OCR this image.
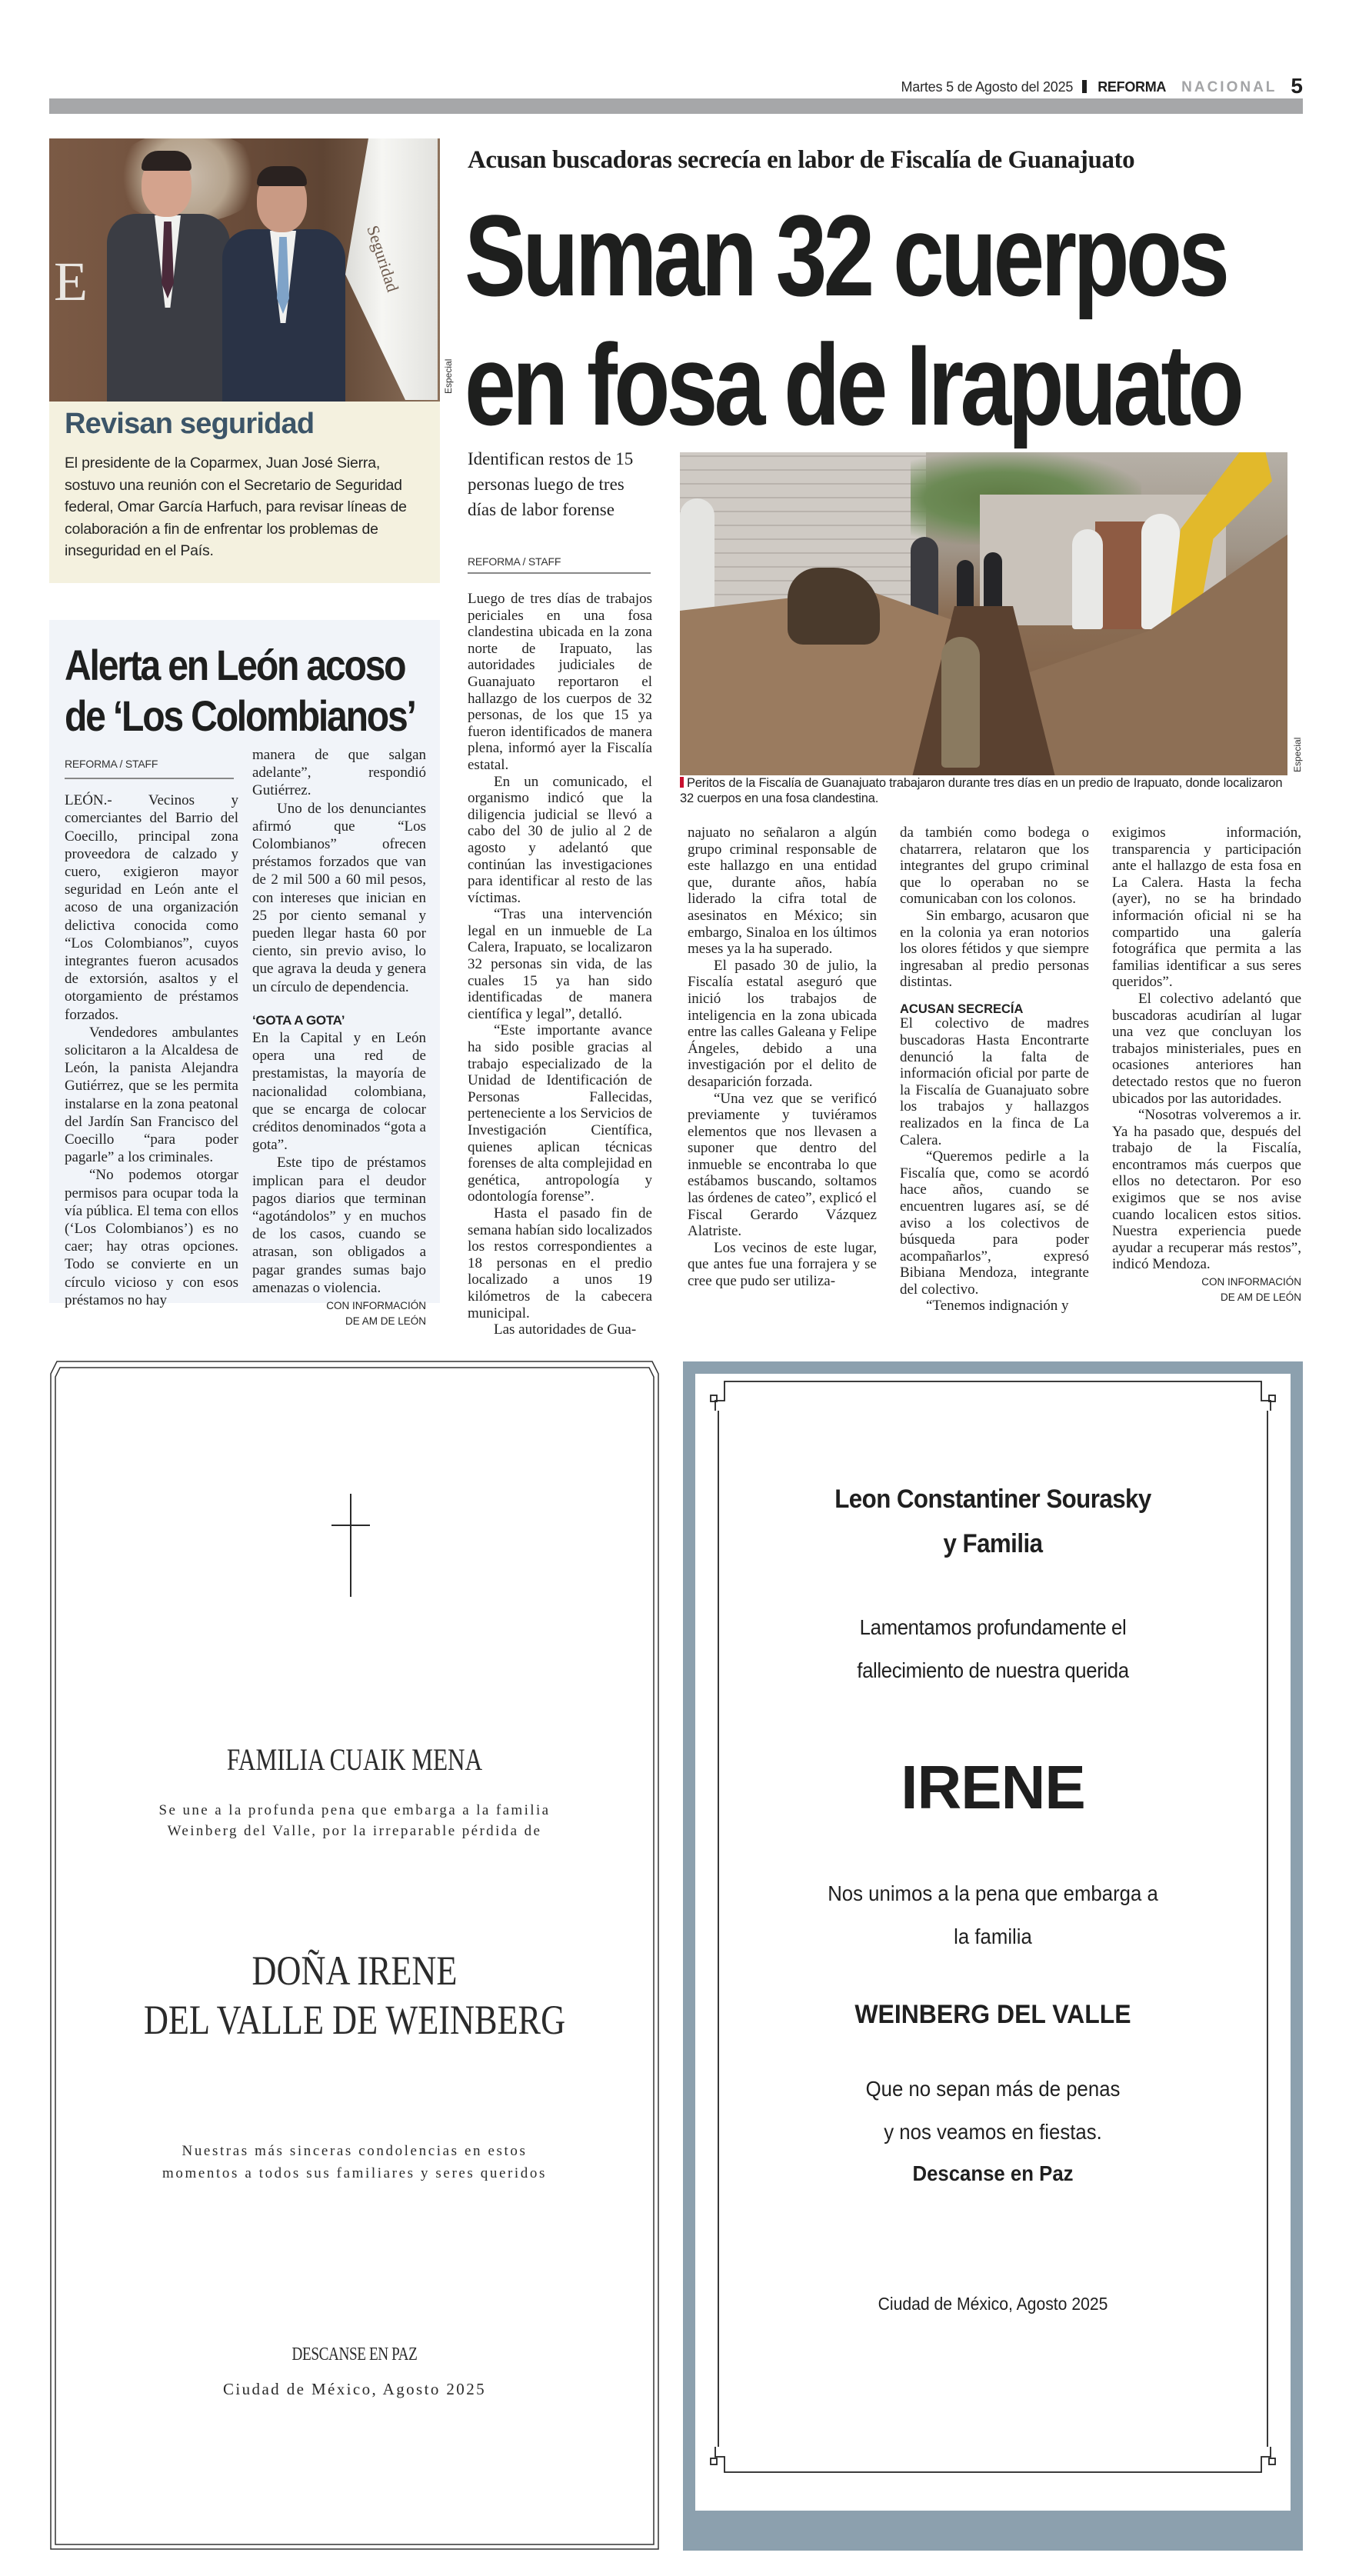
Martes 5 de Agosto del 2025 REFORMA NACIONAL 5
E	Seguridad
Especial
Revisan seguridad
El presidente de la Coparmex, Juan José Sierra, sostuvo una reunión con el Secretario de Seguridad federal, Omar García Harfuch, para revisar líneas de colaboración a fin de enfrentar los problemas de inseguridad en el País.
Alerta en León acoso
de ‘Los Colombianos’
REFORMA / STAFF

LEÓN.- Vecinos y comerciantes del Barrio del Coecillo, principal zona proveedora de calzado y cuero, exigieron mayor seguridad en León ante el acoso de una organización delictiva conocida como “Los Colombianos”, cuyos integrantes fueron acusados de extorsión, asaltos y el otorgamiento de préstamos forzados.

Vendedores ambulantes solicitaron a la Alcaldesa de León, la panista Alejandra Gutiérrez, que se les permita instalarse en la zona peatonal del Jardín San Francisco del Coecillo “para poder pagarle” a los criminales.

“No podemos otorgar permisos para ocupar toda la vía pública. El tema con ellos (‘Los Colombianos’) es no caer; hay otras opciones. Todo se convierte en un círculo vicioso y con esos préstamos no hay

manera de que salgan adelante”, respondió Gutiérrez.

Uno de los denunciantes afirmó que “Los Colombianos” ofrecen préstamos forzados que van de 2 mil 500 a 60 mil pesos, con intereses que inician en 25 por ciento semanal y pueden llegar hasta 60 por ciento, sin previo aviso, lo que agrava la deuda y genera un círculo de dependencia.

‘GOTA A GOTA’

En la Capital y en León opera una red de prestamistas, la mayoría de nacionalidad colombiana, que se encarga de colocar créditos denominados “gota a gota”.

Este tipo de préstamos implican para el deudor pagos diarios que terminan “agotándolos” y en muchos de los casos, cuando se atrasan, son obligados a pagar grandes sumas bajo amenazas o violencia.

CON INFORMACIÓN
DE AM DE LEÓN
Acusan buscadoras secrecía en labor de Fiscalía de Guanajuato
Suman 32 cuerpos
en fosa de Irapuato
Identifican restos de 15 personas luego de tres días de labor forense
REFORMA / STAFF
Especial
Peritos de la Fiscalía de Guanajuato trabajaron durante tres días en un predio de Irapuato, donde localizaron 32 cuerpos en una fosa clandestina.

Luego de tres días de trabajos periciales en una fosa clandestina ubicada en la zona norte de Irapuato, las autoridades judiciales de Guanajuato reportaron el hallazgo de los cuerpos de 32 personas, de los que 15 ya fueron identificados de manera plena, informó ayer la Fiscalía estatal.

En un comunicado, el organismo indicó que la diligencia judicial se llevó a cabo del 30 de julio al 2 de agosto y adelantó que continúan las investigaciones para identificar al resto de las víctimas.

“Tras una intervención legal en un inmueble de La Calera, Irapuato, se localizaron 32 personas sin vida, de las cuales 15 ya han sido identificadas de manera científica y legal”, detalló.

“Este importante avance ha sido posible gracias al trabajo especializado de la Unidad de Identificación de Personas Fallecidas, perteneciente a los Servicios de Investigación Científica, quienes aplican técnicas forenses de alta complejidad en genética, antropología y odontología forense”.

Hasta el pasado fin de semana habían sido localizados los restos correspondientes a 18 personas en el predio localizado a unos 19 kilómetros de la cabecera municipal.

Las autoridades de Gua-

najuato no señalaron a algún grupo criminal responsable de este hallazgo en una entidad que, durante años, había liderado la cifra total de asesinatos en México; sin embargo, Sinaloa en los últimos meses ya la ha superado.

El pasado 30 de julio, la Fiscalía estatal aseguró que inició los trabajos de inteligencia en la zona ubicada entre las calles Galeana y Felipe Ángeles, debido a una investigación por el delito de desaparición forzada.

“Una vez que se verificó previamente y tuviéramos elementos que nos llevasen a suponer que dentro del inmueble se encontraba lo que estábamos buscando, soltamos las órdenes de cateo”, explicó el Fiscal Gerardo Vázquez Alatriste.

Los vecinos de este lugar, que antes fue una forrajera y se cree que pudo ser utiliza-

da también como bodega o chatarrera, relataron que los integrantes del grupo criminal que lo operaban no se comunicaban con los colonos.

Sin embargo, acusaron que en la colonia ya eran notorios los olores fétidos y que siempre ingresaban al predio personas distintas.

ACUSAN SECRECÍA

El colectivo de madres buscadoras Hasta Encontrarte denunció la falta de información oficial por parte de la Fiscalía de Guanajuato sobre los trabajos y hallazgos realizados en la finca de La Calera.

“Queremos pedirle a la Fiscalía que, como se acordó hace años, cuando se encuentren lugares así, se dé aviso a los colectivos de búsqueda para poder acompañarlos”, expresó Bibiana Mendoza, integrante del colectivo.

“Tenemos indignación y

exigimos información, transparencia y participación ante el hallazgo de esta fosa en La Calera. Hasta la fecha (ayer), no se ha brindado información oficial ni se ha compartido una galería fotográfica que permita a las familias identificar a sus seres queridos”.

El colectivo adelantó que buscadoras acudirían al lugar una vez que concluyan los trabajos ministeriales, pues en ocasiones anteriores han detectado restos que no fueron ubicados por las autoridades.

“Nosotras volveremos a ir. Ya ha pasado que, después del trabajo de la Fiscalía, encontramos más cuerpos que ellos no detectaron. Por eso exigimos que se nos avise cuando localicen estos sitios. Nuestra experiencia puede ayudar a recuperar más restos”, indicó Mendoza.

CON INFORMACIÓN
DE AM DE LEÓN
FAMILIA CUAIK MENA
Se une a la profunda pena que embarga a la familia
Weinberg del Valle, por la irreparable pérdida de
DOÑA IRENE
DEL VALLE DE WEINBERG
Nuestras más sinceras condolencias en estos
momentos a todos sus familiares y seres queridos
DESCANSE EN PAZ
Ciudad de México, Agosto 2025
Leon Constantiner Sourasky
y Familia
Lamentamos profundamente el
fallecimiento de nuestra querida
IRENE
Nos unimos a la pena que embarga a
la familia
WEINBERG DEL VALLE
Que no sepan más de penas
y nos veamos en fiestas.
Descanse en Paz
Ciudad de México, Agosto 2025
